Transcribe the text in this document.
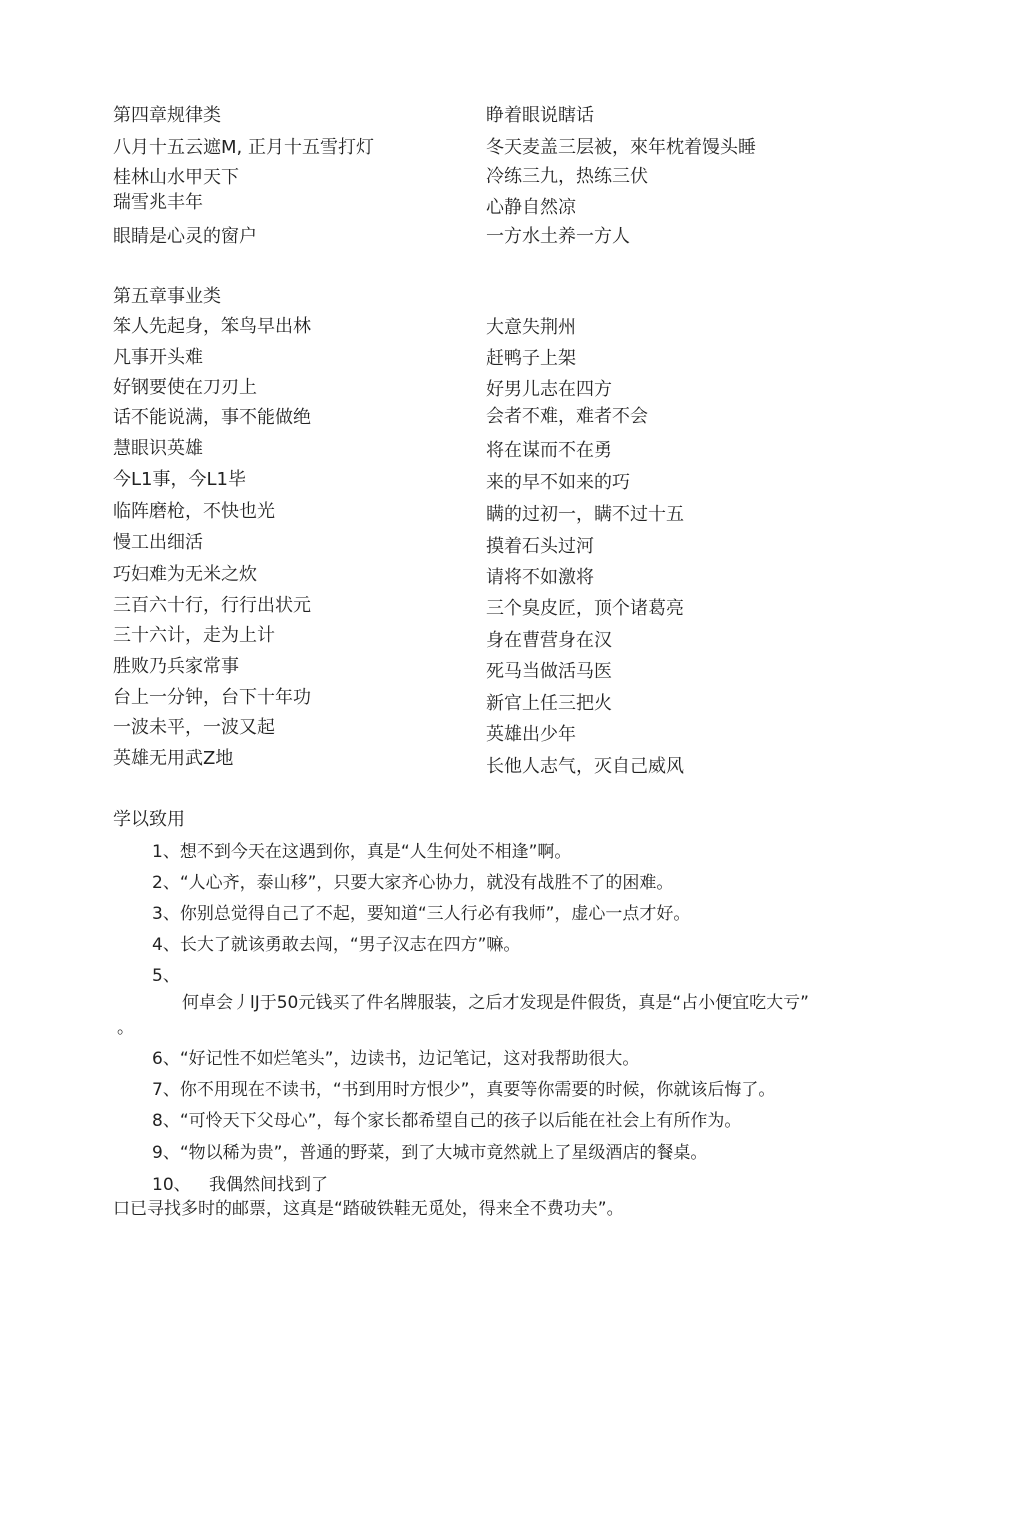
第四章规律类
八月十五云遮M, 正月十五雪打灯
桂林山水甲天下
瑞雪兆丰年
眼睛是心灵的窗户
睁着眼说瞎话
冬天麦盖三层被，來年枕着馒头睡
冷练三九，热练三伏
心静自然凉
一方水土养一方人
第五章事业类
笨人先起身，笨鸟早出林
凡事开头难
好钢要使在刀刃上
话不能说满，事不能做绝
慧眼识英雄
今L1事，今L1毕
临阵磨枪，不快也光
慢工出细活
巧妇难为无米之炊
三百六十行，行行出状元
三十六计，走为上计
胜败乃兵家常事
台上一分钟，台下十年功
一波未平，一波又起
英雄无用武Z地
大意失荆州
赶鸭子上架
好男儿志在四方
会者不难，难者不会
将在谋而不在勇
来的早不如来的巧
瞒的过初一，瞒不过十五
摸着石头过河
请将不如激将
三个臭皮匠，顶个诸葛亮
身在曹营身在汉
死马当做活马医
新官上任三把火
英雄出少年
长他人志气，灭自己威风
学以致用
1、想不到今天在这遇到你，真是“人生何处不相逢”啊。
2、“人心齐，泰山移”，只要大家齐心协力，就没有战胜不了的困难。
3、你别总觉得自己了不起，要知道“三人行必有我师”，虚心一点才好。
4、长大了就该勇敢去闯，“男子汉志在四方”嘛。
5、
何卓会丿lJ于50元钱买了件名牌服装，之后才发现是件假货，真是“占小便宜吃大亏”
。
6、“好记性不如烂笔头”，边读书，边记笔记，这对我帮助很大。
7、你不用现在不读书，“书到用时方恨少”，真要等你需要的时候，你就该后悔了。
8、“可怜天下父母心”，每个家长都希望自己的孩子以后能在社会上有所作为。
9、“物以稀为贵”，普通的野菜，到了大城市竟然就上了星级酒店的餐桌。
10、 我偶然间找到了
口已寻找多时的邮票，这真是“踏破铁鞋无觅处，得来全不费功夫”。
